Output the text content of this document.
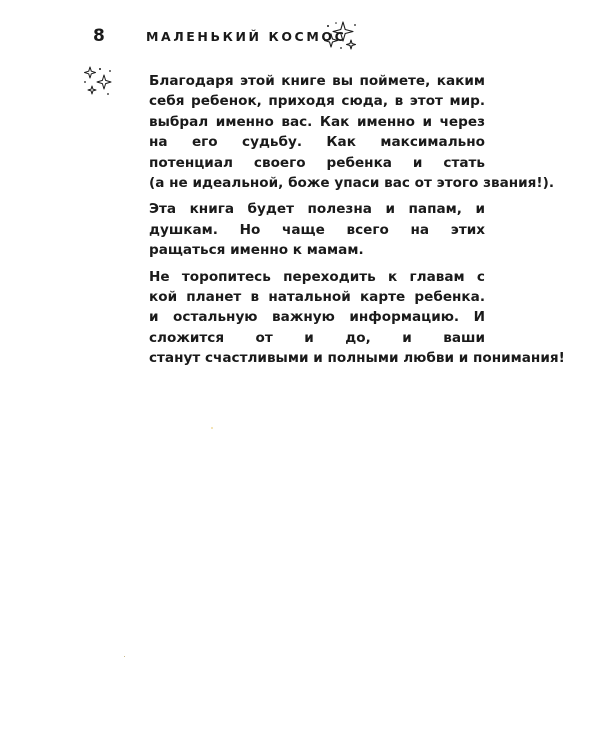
8	МАЛЕНЬКИЙ КОСМОС
Благодаря этой книге вы поймете, каким
себя ребенок, приходя сюда, в этот мир.
выбрал именно вас. Как именно и через
на его судьбу. Как максимально
потенциал своего ребенка и стать
(а не идеальной, боже упаси вас от этого звания!).
Эта книга будет полезна и папам, и
душкам. Но чаще всего на этих
ращаться именно к мамам.
Не торопитесь переходить к главам с
кой планет в натальной карте ребенка.
и остальную важную информацию. И
сложится от и до, и ваши
станут счастливыми и полными любви и понимания!
